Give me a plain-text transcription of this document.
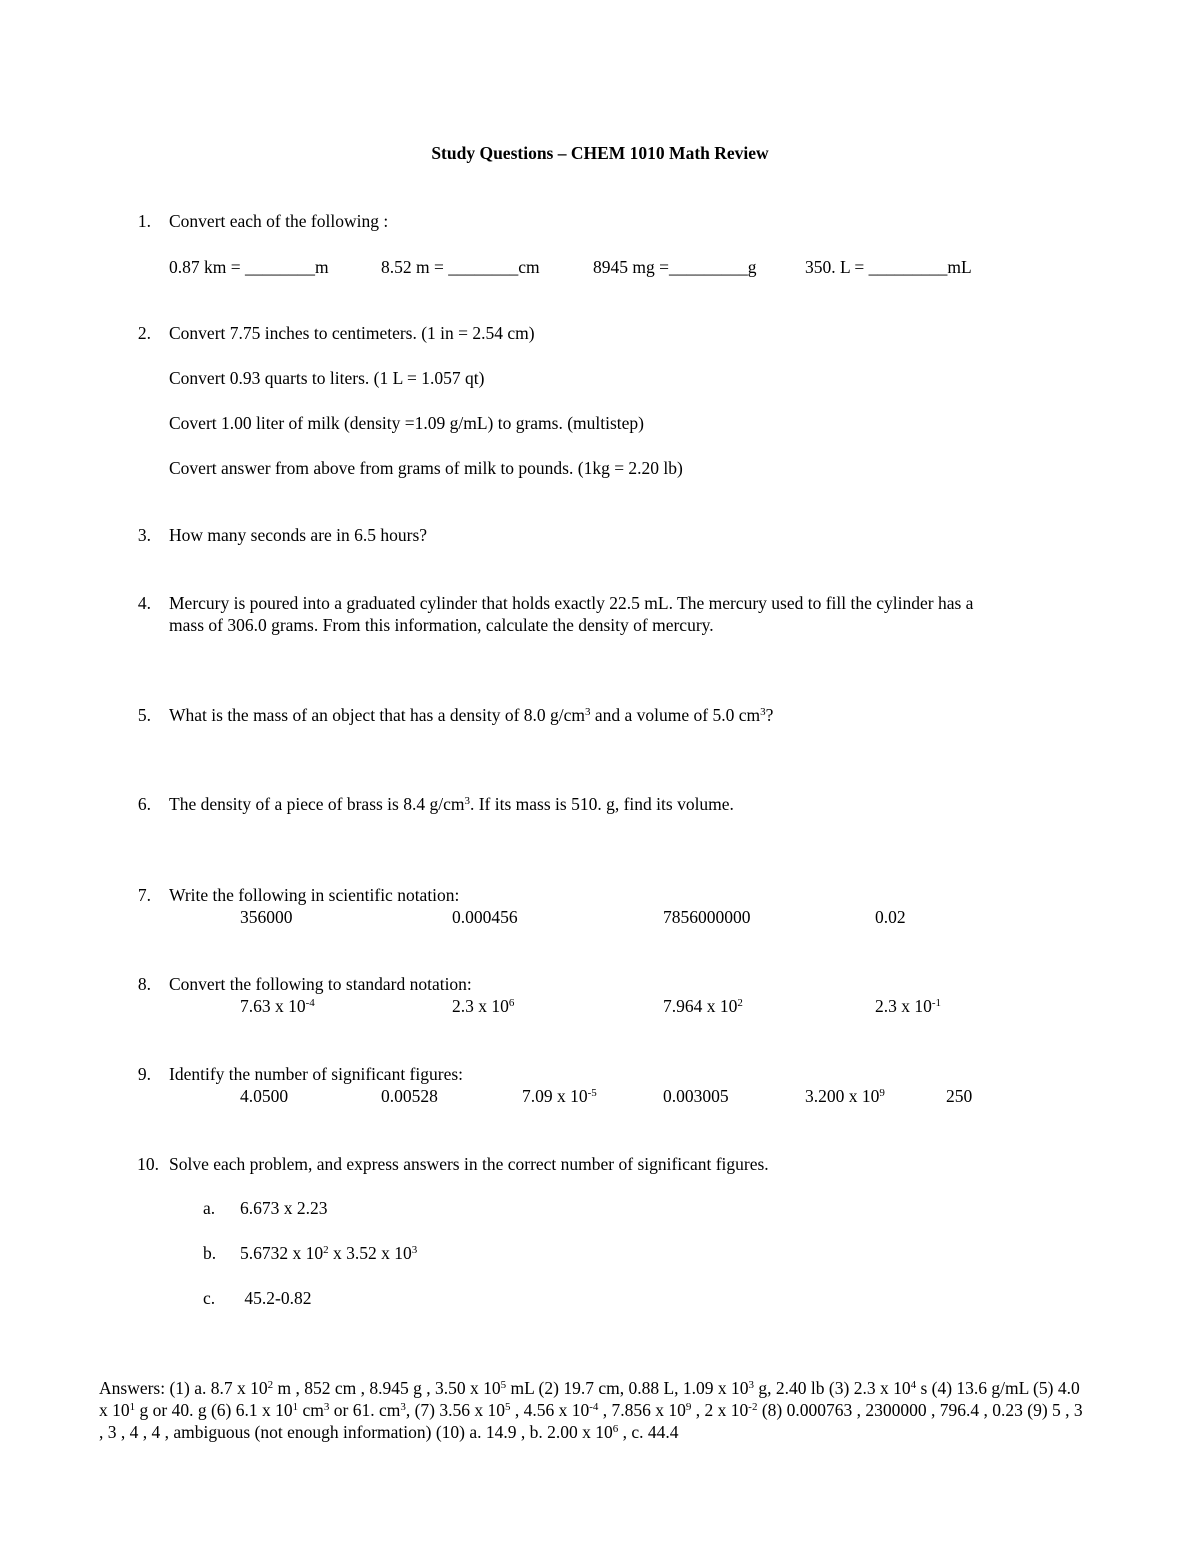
Study Questions – CHEM 1010 Math Review
1. Convert each of the following :
0.87 km = ________m	8.52 m = ________cm	8945 mg =_________g	350. L = _________mL
2. Convert 7.75 inches to centimeters. (1 in = 2.54 cm)
Convert 0.93 quarts to liters. (1 L = 1.057 qt)
Covert 1.00 liter of milk (density =1.09 g/mL) to grams. (multistep)
Covert answer from above from grams of milk to pounds. (1kg = 2.20 lb)
3. How many seconds are in 6.5 hours?
4. Mercury is poured into a graduated cylinder that holds exactly 22.5 mL. The mercury used to fill the cylinder has a
mass of 306.0 grams. From this information, calculate the density of mercury.
5. What is the mass of an object that has a density of 8.0 $g/cm^3$ and a volume of 5.0 $cm^3$?
6. The density of a piece of brass is 8.4 $g/cm^3$. If its mass is 510. g, find its volume.
7. Write the following in scientific notation:
356000	0.000456	7856000000	0.02
8. Convert the following to standard notation:
7.63 x $10^{-4}$	2.3 x $10^6$	7.964 x $10^2$	2.3 x $10^{-1}$
9. Identify the number of significant figures:
4.0500	0.00528	7.09 x $10^{-5}$	0.003005	3.200 x $10^9$	250
10. Solve each problem, and express answers in the correct number of significant figures.
a. 6.673 x 2.23
b. 5.6732 x $10^2$ x 3.52 x $10^3$
c. 45.2-0.82
Answers: (1) a. 8.7 x $10^2$ m , 852 cm , 8.945 g , 3.50 x $10^5$ mL (2) 19.7 cm, 0.88 L, 1.09 x $10^3$ g, 2.40 lb (3) 2.3 x $10^4$ s (4) 13.6 g/mL (5) 4.0 x $10^1$ g or 40. g (6) 6.1 x $10^1$ $cm^3$ or 61. $cm^3$, (7) 3.56 x $10^5$ , 4.56 x $10^{-4}$ , 7.856 x $10^9$ , 2 x $10^{-2}$ (8) 0.000763 , 2300000 , 796.4 , 0.23 (9) 5 , 3 , 3 , 4 , 4 , ambiguous (not enough information) (10) a. 14.9 , b. 2.00 x $10^6$ , c. 44.4
